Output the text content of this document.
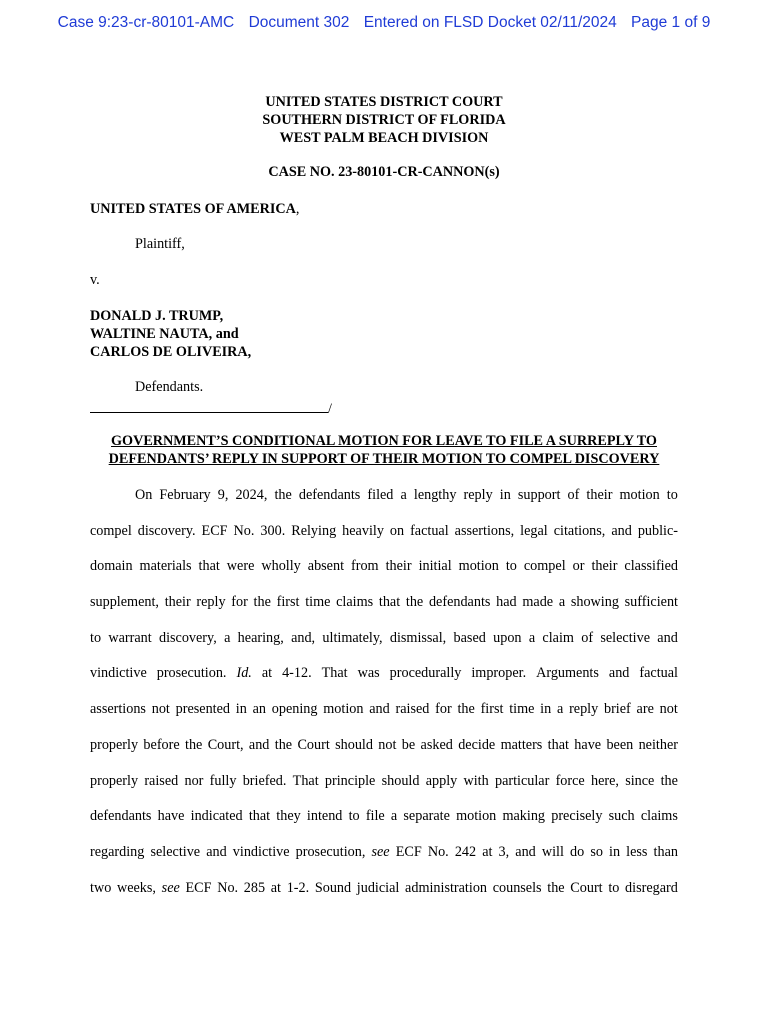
Case 9:23-cr-80101-AMC Document 302 Entered on FLSD Docket 02/11/2024 Page 1 of 9
UNITED STATES DISTRICT COURT
SOUTHERN DISTRICT OF FLORIDA
WEST PALM BEACH DIVISION
CASE NO. 23-80101-CR-CANNON(s)
UNITED STATES OF AMERICA,
Plaintiff,
v.
DONALD J. TRUMP,
WALTINE NAUTA, and
CARLOS DE OLIVEIRA,
Defendants.
/
GOVERNMENT’S CONDITIONAL MOTION FOR LEAVE TO FILE A SURREPLY TO
DEFENDANTS’ REPLY IN SUPPORT OF THEIR MOTION TO COMPEL DISCOVERY
On February 9, 2024, the defendants filed a lengthy reply in support of their motion to
compel discovery. ECF No. 300. Relying heavily on factual assertions, legal citations, and public-
domain materials that were wholly absent from their initial motion to compel or their classified
supplement, their reply for the first time claims that the defendants had made a showing sufficient
to warrant discovery, a hearing, and, ultimately, dismissal, based upon a claim of selective and
vindictive prosecution. Id. at 4-12. That was procedurally improper. Arguments and factual
assertions not presented in an opening motion and raised for the first time in a reply brief are not
properly before the Court, and the Court should not be asked decide matters that have been neither
properly raised nor fully briefed. That principle should apply with particular force here, since the
defendants have indicated that they intend to file a separate motion making precisely such claims
regarding selective and vindictive prosecution, see ECF No. 242 at 3, and will do so in less than
two weeks, see ECF No. 285 at 1-2. Sound judicial administration counsels the Court to disregard
